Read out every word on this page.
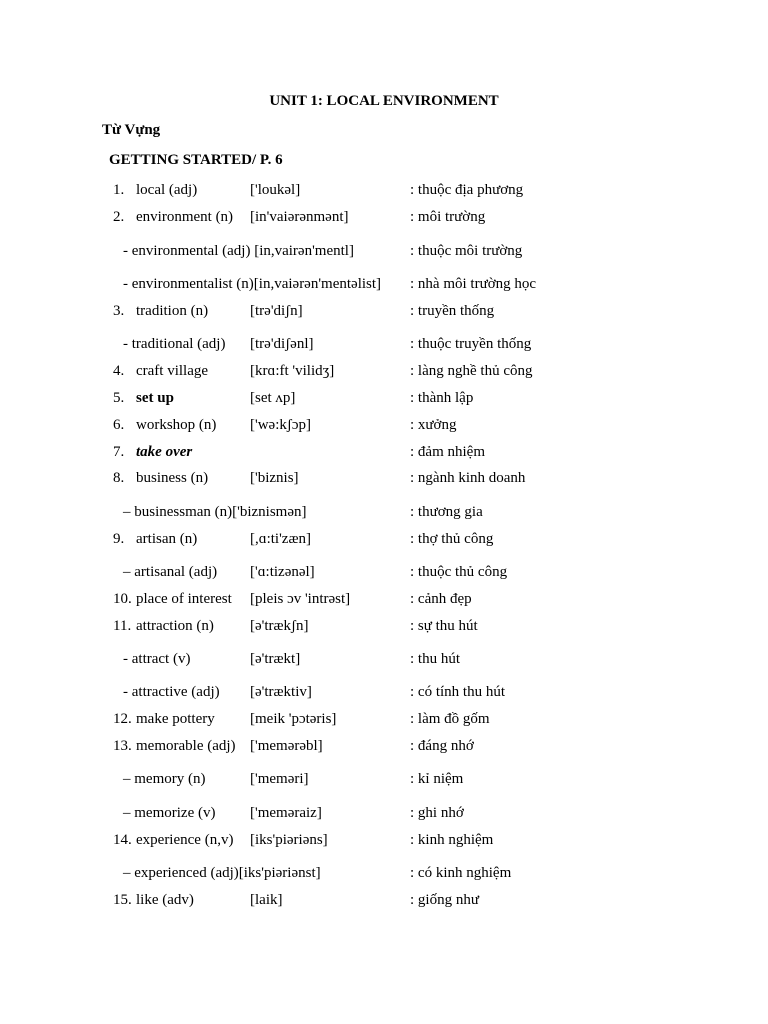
UNIT 1: LOCAL ENVIRONMENT
Từ Vựng
GETTING STARTED/ P. 6
1. local (adj)	['loukəl]	: thuộc địa phương
2. environment (n) [in'vaiərənmənt]	: môi trường
- environmental (adj) [in,vairən'mentl]	: thuộc môi trường
- environmentalist (n)[in,vaiərən'mentəlist] : nhà môi trường học
3. tradition (n)	[trə'diʃn]	: truyền thống
- traditional (adj) [trə'diʃənl]	: thuộc truyền thống
4. craft village	[krɑ:ft 'vilidʒ]	: làng nghề thủ công
5. set up	[set ʌp]	: thành lập
6. workshop (n) ['wə:kʃɔp]	: xưởng
7. take over	: đảm nhiệm
8. business (n)	['biznis]	: ngành kinh doanh
– businessman (n)['biznismən]	: thương gia
9. artisan (n)	[,ɑ:ti'zæn]	: thợ thủ công
– artisanal (adj) ['ɑ:tizənəl]	: thuộc thủ công
10. place of interest [pleis ɔv 'intrəst]	: cảnh đẹp
11. attraction (n) [ə'trækʃn]	: sự thu hút
- attract (v)	[ə'trækt]	: thu hút
- attractive (adj) [ə'træktiv]	: có tính thu hút
12. make pottery [meik 'pɔtəris]	: làm đồ gốm
13. memorable (adj) ['memərəbl]	: đáng nhớ
– memory (n)	['meməri]	: kỉ niệm
– memorize (v) ['meməraiz]	: ghi nhớ
14. experience (n,v) [iks'piəriəns]	: kinh nghiệm
– experienced (adj)[iks'piəriənst]	: có kinh nghiệm
15. like (adv)	[laik]	: giống như
